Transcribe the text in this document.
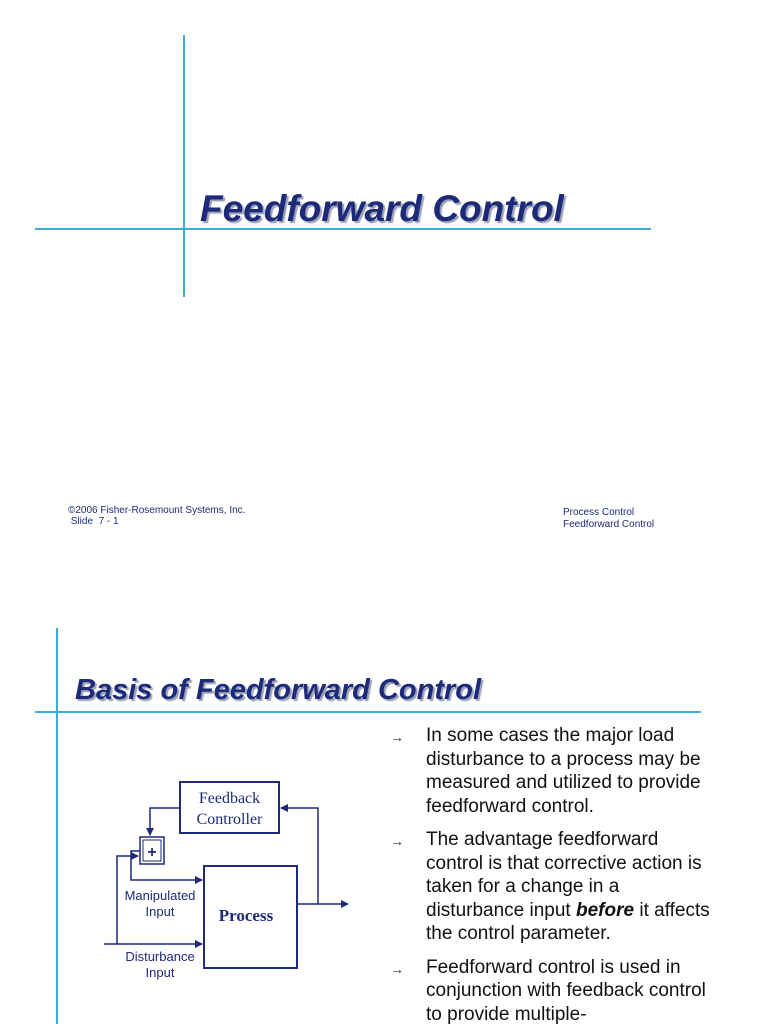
Feedforward Control
©2006 Fisher-Rosemount Systems, Inc.
Slide  7 - 1
Process Control
Feedforward Control
Basis of Feedforward Control
→ In some cases the major load disturbance to a process may be measured and utilized to provide feedforward control.
→ The advantage feedforward control is that corrective action is taken for a change in a disturbance input before it affects the control parameter.
→ Feedforward control is used in conjunction with feedback control to provide multiple-
Feedback
Controller
+
Process
Manipulated
Input
Disturbance
Input
